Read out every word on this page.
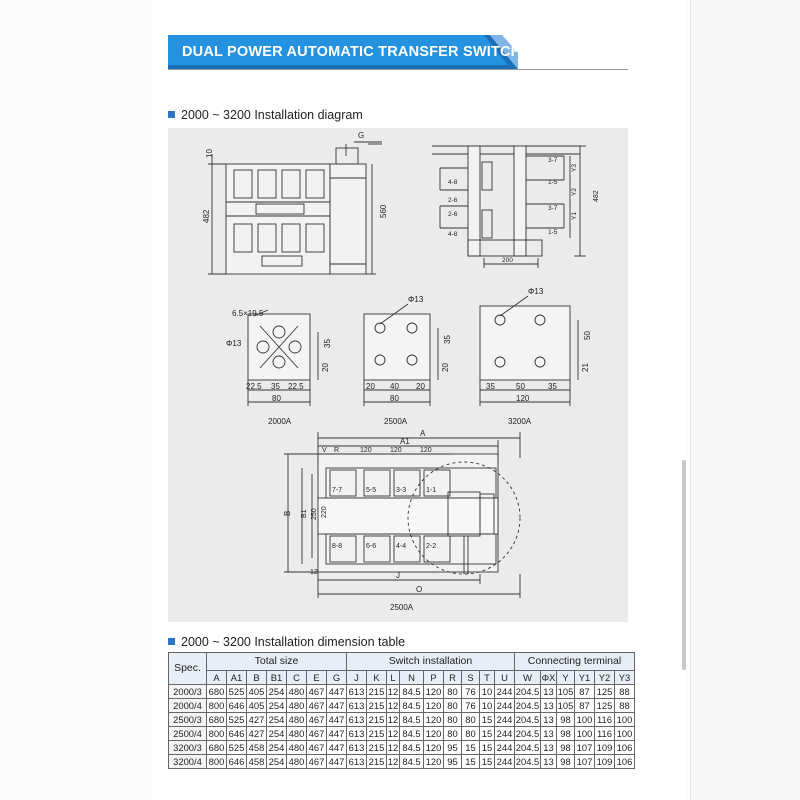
DUAL POWER AUTOMATIC TRANSFER SWITCH
2000 ~ 3200 Installation diagram
10
482	560
G
3-7
1-5
2-6
3-7
1-5
4-8
2-6
4-8
Y3
Y2
Y1
482
200
6.5×19.5
Φ13	35
20
22.5 35 22.5
80
2000A
Φ13
35
20
20 40 20
80
2500A
Φ13
50
21
35	50	35
120
3200A
A
A1
V R	120	120	120
7-7	5-5	3-3	1-1
8-8	6-6	4-4	2-2
B B1 250 220
12	J
O
2500A
2000 ~ 3200 Installation dimension table
Spec.	Total size							Switch installation									Connecting terminal					
	A	A1	B	B1	C	E	G	J	K	L	N	P	R	S	T	U	W	ΦX	Y	Y1	Y2	Y3
2000/3	680	525	405	254	480	467	447	613	215	12	84.5	120	80	76	10	244	204.5	13	105	87	125	88
2000/4	800	646	405	254	480	467	447	613	215	12	84.5	120	80	76	10	244	204.5	13	105	87	125	88
2500/3	680	525	427	254	480	467	447	613	215	12	84.5	120	80	80	15	244	204.5	13	98	100	116	100
2500/4	800	646	427	254	480	467	447	613	215	12	84.5	120	80	80	15	244	204.5	13	98	100	116	100
3200/3	680	525	458	254	480	467	447	613	215	12	84.5	120	95	15	15	244	204.5	13	98	107	109	106
3200/4	800	646	458	254	480	467	447	613	215	12	84.5	120	95	15	15	244	204.5	13	98	107	109	106
